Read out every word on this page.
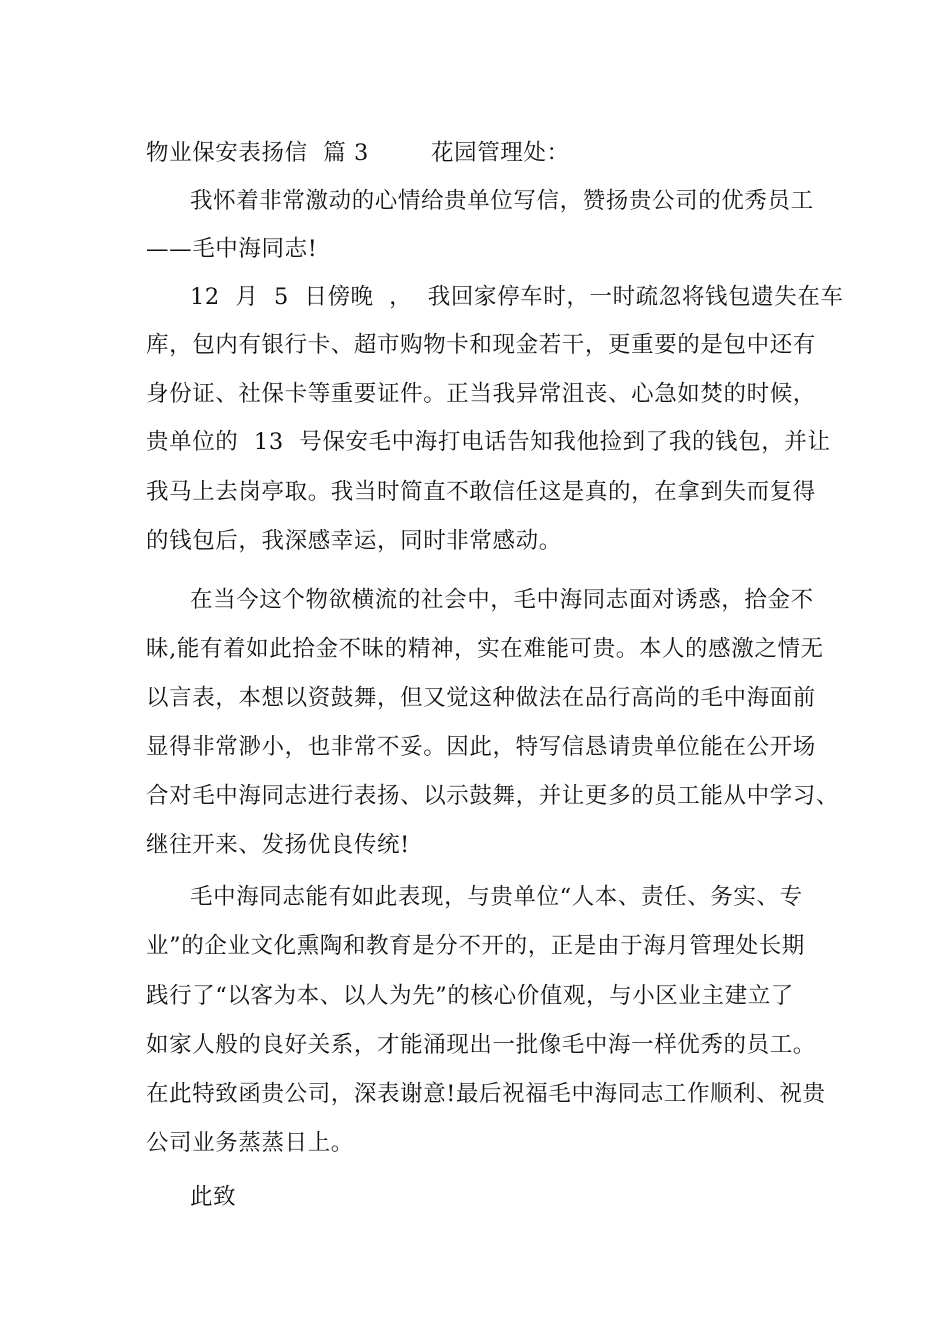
物业保安表扬信  篇 3        花园管理处：
我怀着非常激动的心情给贵单位写信，赞扬贵公司的优秀员工
——毛中海同志!
12  月  5  日傍晚  ，  我回家停车时，一时疏忽将钱包遗失在车
库，包内有银行卡、超市购物卡和现金若干，更重要的是包中还有
身份证、社保卡等重要证件。正当我异常沮丧、心急如焚的时候，
贵单位的  13  号保安毛中海打电话告知我他捡到了我的钱包，并让
我马上去岗亭取。我当时简直不敢信任这是真的，在拿到失而复得
的钱包后，我深感幸运，同时非常感动。
在当今这个物欲横流的社会中，毛中海同志面对诱惑，拾金不
昧,能有着如此拾金不昧的精神，实在难能可贵。本人的感激之情无
以言表，本想以资鼓舞，但又觉这种做法在品行高尚的毛中海面前
显得非常渺小，也非常不妥。因此，特写信恳请贵单位能在公开场
合对毛中海同志进行表扬、以示鼓舞，并让更多的员工能从中学习、
继往开来、发扬优良传统!
毛中海同志能有如此表现，与贵单位“人本、责任、务实、专
业”的企业文化熏陶和教育是分不开的，正是由于海月管理处长期
践行了“以客为本、以人为先”的核心价值观，与小区业主建立了
如家人般的良好关系，才能涌现出一批像毛中海一样优秀的员工。
在此特致函贵公司，深表谢意!最后祝福毛中海同志工作顺利、祝贵
公司业务蒸蒸日上。
此致
